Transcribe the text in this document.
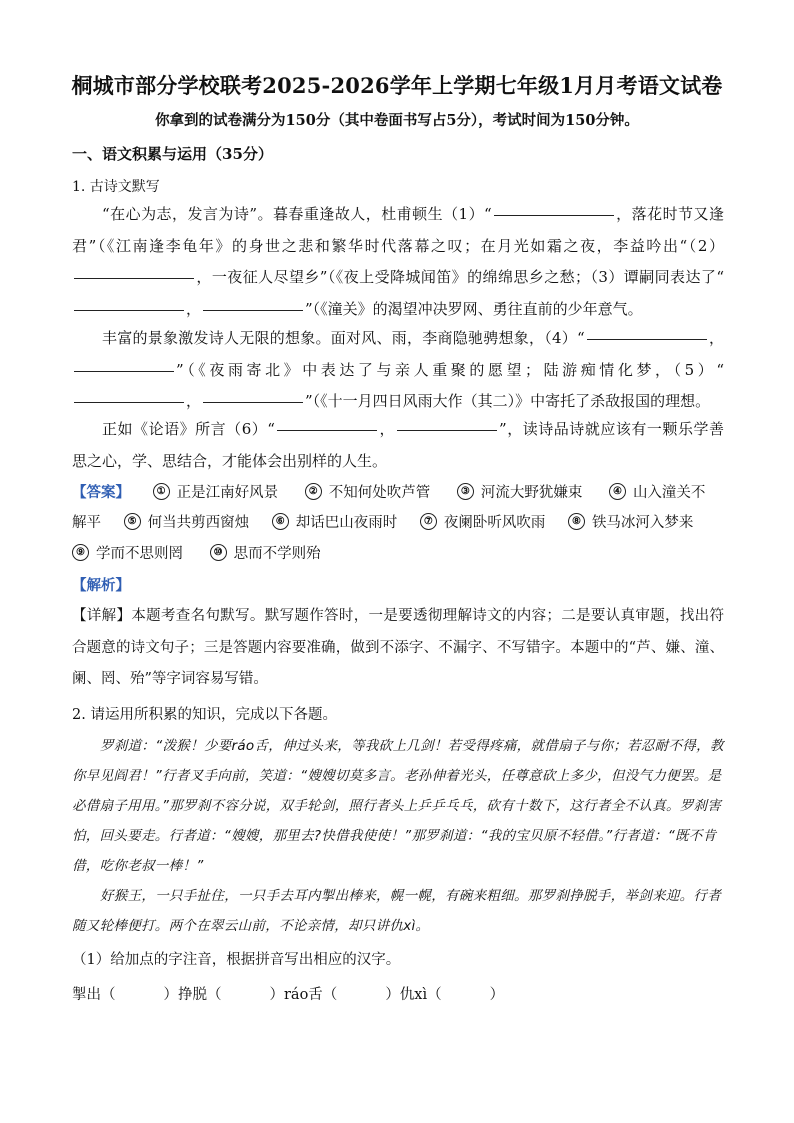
桐城市部分学校联考2025-2026学年上学期七年级1月月考语文试卷
你拿到的试卷满分为150分（其中卷面书写占5分），考试时间为150分钟。
一、语文积累与运用（35分）
1. 古诗文默写
“在心为志，发言为诗”。暮春重逢故人，杜甫顿生（1）“	，落花时节又逢君”（《江南逢李龟年》的身世之悲和繁华时代落幕之叹；在月光如霜之夜，李益吟出“（2），一夜征人尽望乡”（《夜上受降城闻笛》的绵绵思乡之愁；（3）谭嗣同表达了“，	”（《潼关》的渴望冲决罗网、勇往直前的少年意气。
丰富的景象激发诗人无限的想象。面对风、雨，李商隐驰骋想象，（4）“	，”（《夜雨寄北》中表达了与亲人重聚的愿望；陆游痴情化梦，（5）“，	”（《十一月四日风雨大作（其二）》中寄托了杀敌报国的理想。
正如《论语》所言（6）“	，	”，读诗品诗就应该有一颗乐学善思之心，学、思结合，才能体会出别样的人生。
【答案】	① 正是江南好风景	② 不知何处吹芦管	③ 河流大野犹嫌束	④ 山入潼关不
解平	⑤ 何当共剪西窗烛	⑥ 却话巴山夜雨时	⑦ 夜阑卧听风吹雨	⑧ 铁马冰河入梦来
⑨ 学而不思则罔	⑩ 思而不学则殆
【解析】
【详解】本题考查名句默写。默写题作答时，一是要透彻理解诗文的内容；二是要认真审题，找出符合题意的诗文句子；三是答题内容要准确，做到不添字、不漏字、不写错字。本题中的“芦、嫌、潼、阑、罔、殆”等字词容易写错。
2. 请运用所积累的知识，完成以下各题。
罗刹道：“泼猴！少要ráo舌，伸过头来，等我砍上几剑！若受得疼痛，就借扇子与你；若忍耐不得，教你早见阎君！”行者叉手向前，笑道：“嫂嫂切莫多言。老孙伸着光头，任尊意砍上多少，但没气力便罢。是必借扇子用用。”那罗刹不容分说，双手轮剑，照行者头上乒乒乓乓，砍有十数下，这行者全不认真。罗刹害怕，回头要走。行者道：“嫂嫂，那里去?快借我使使！”那罗刹道：“我的宝贝原不轻借。”行者道：“既不肯借，吃你老叔一棒！”
好猴王，一只手扯住，一只手去耳内掣出棒来，幌一幌，有碗来粗细。那罗刹挣脱手，举剑来迎。行者随又轮棒便打。两个在翠云山前，不论亲情，却只讲仇xì。
（1）给加点的字注音，根据拼音写出相应的汉字。
掣出（	）挣脱（	）ráo舌（	）仇xì（	）
